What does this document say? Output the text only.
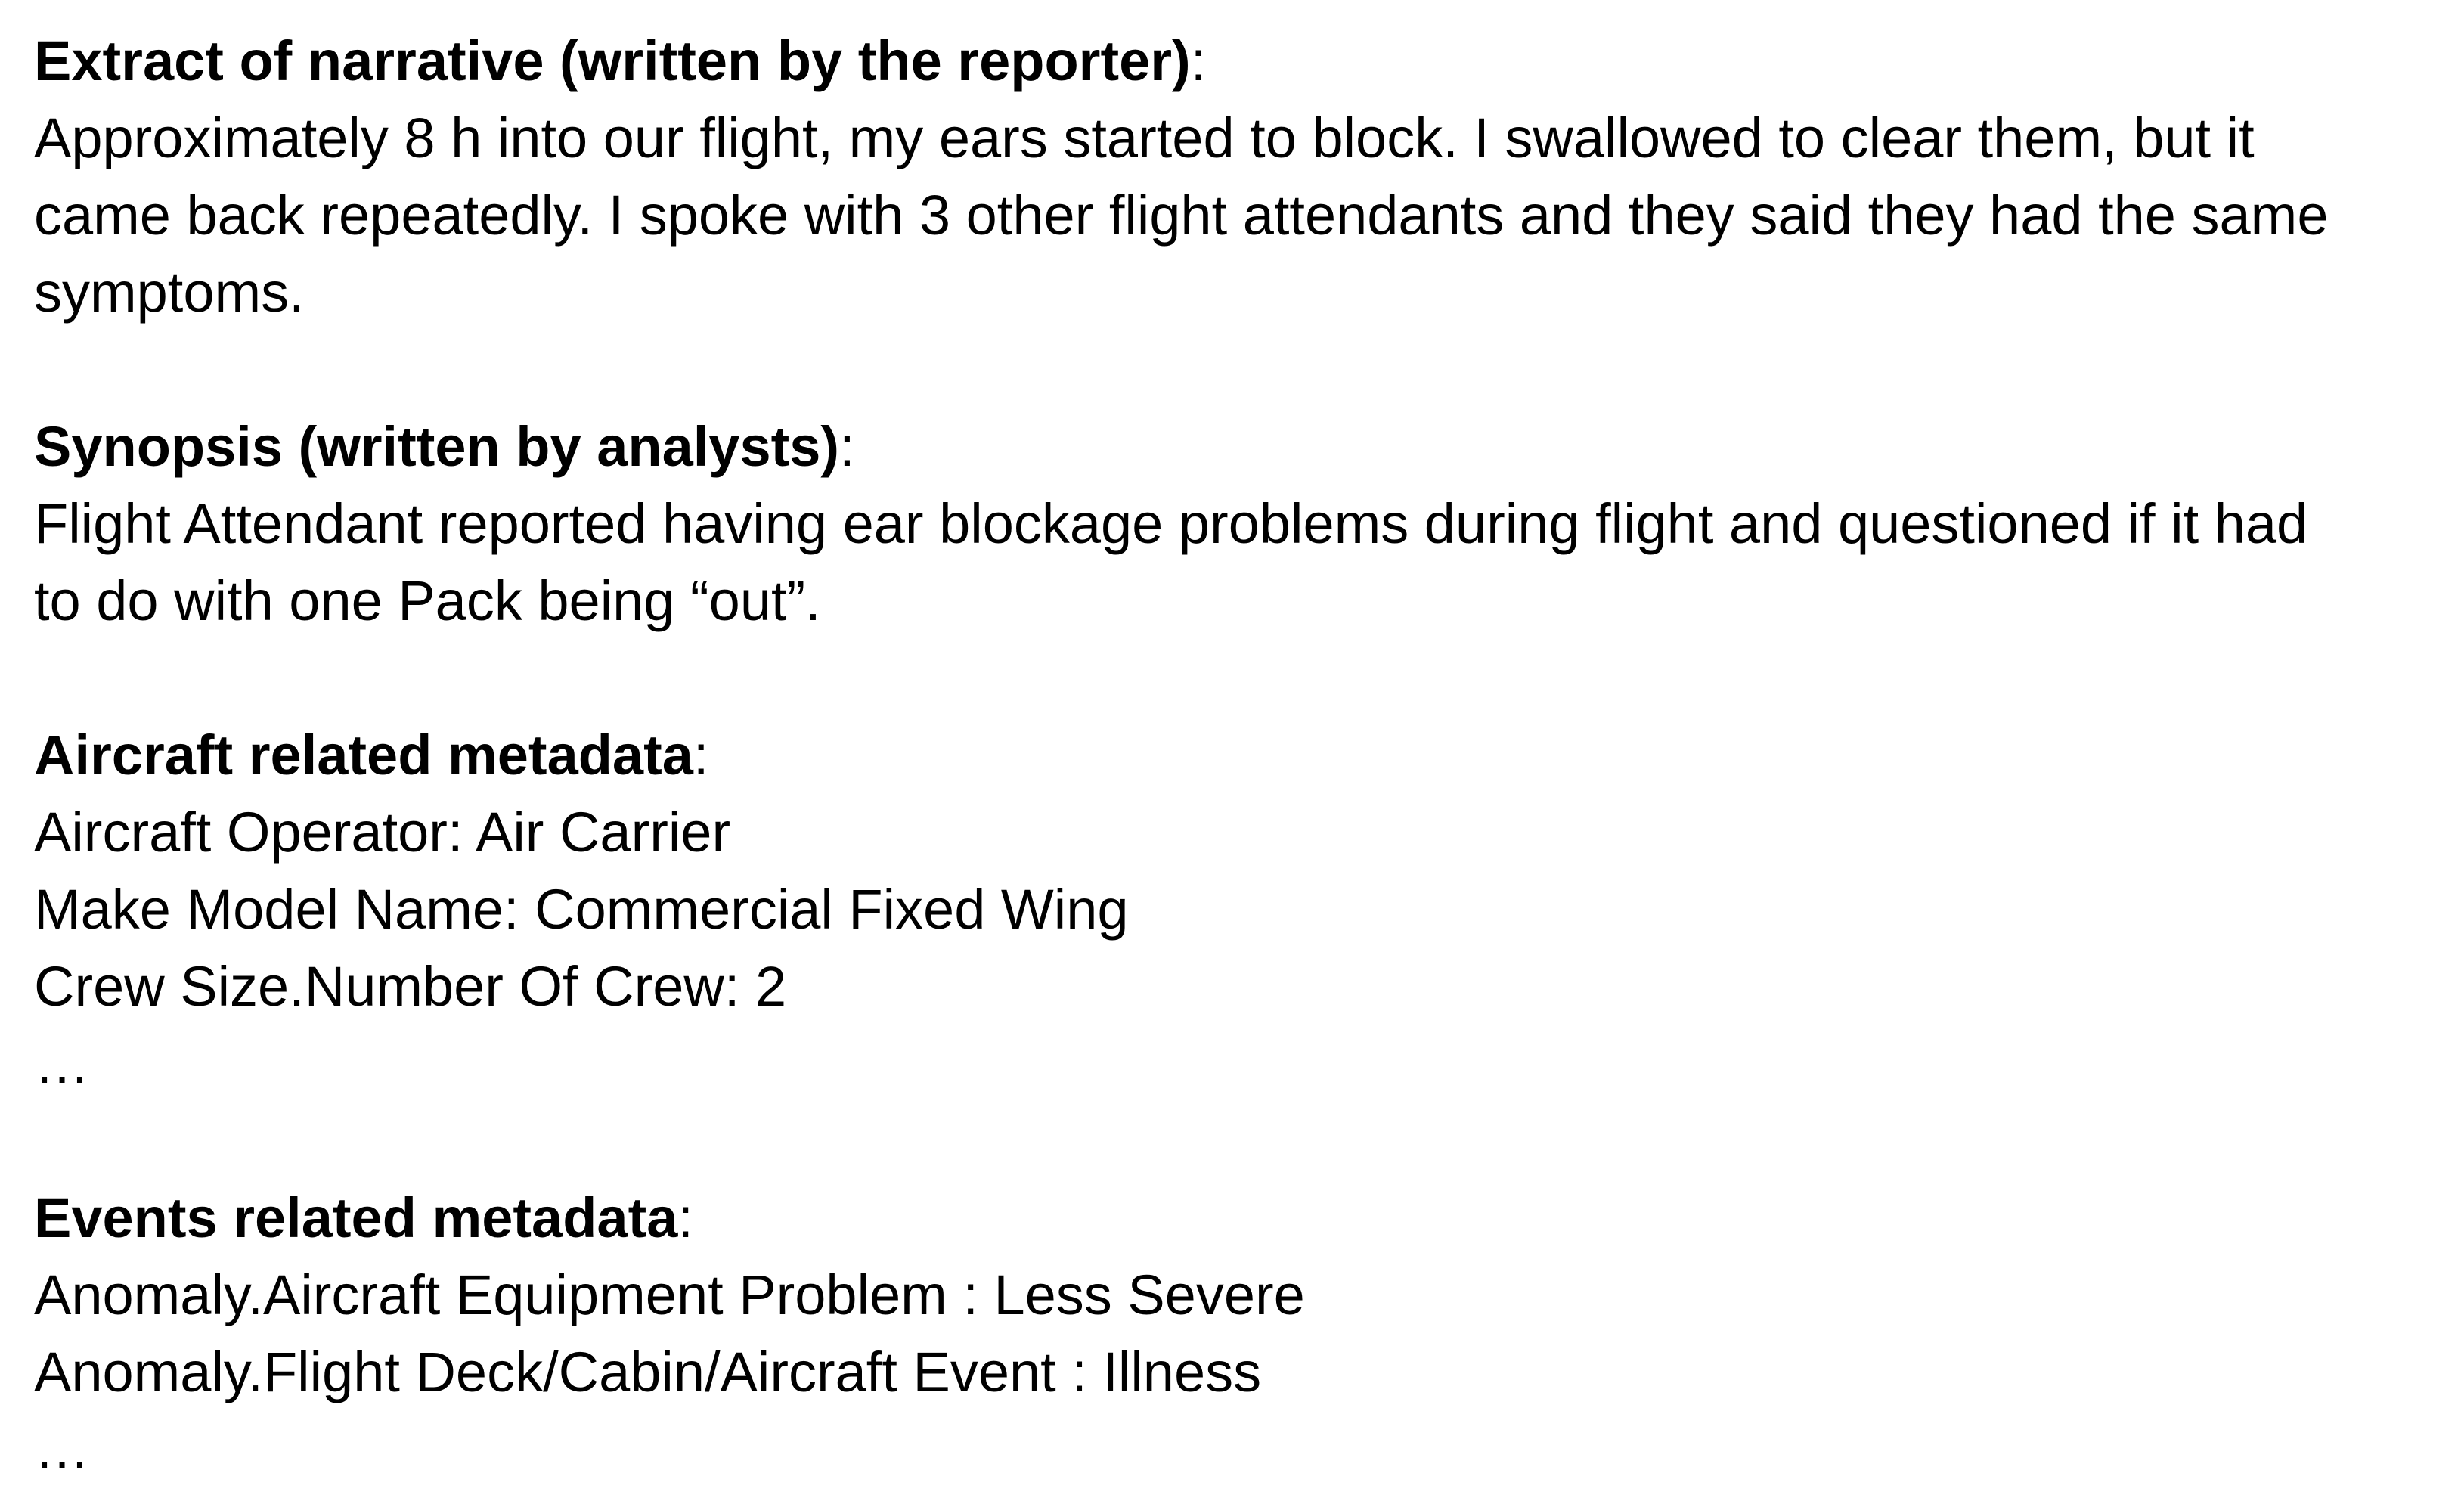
Extract of narrative (written by the reporter):

Approximately 8 h into our flight, my ears started to block. I swallowed to clear them, but it
came back repeatedly. I spoke with 3 other flight attendants and they said they had the same
symptoms.

Synopsis (written by analysts):

Flight Attendant reported having ear blockage problems during flight and questioned if it had
to do with one Pack being “out”.

Aircraft related metadata:
Aircraft Operator: Air Carrier
Make Model Name: Commercial Fixed Wing
Crew Size.Number Of Crew: 2
…
Events related metadata:
Anomaly.Aircraft Equipment Problem : Less Severe
Anomaly.Flight Deck/Cabin/Aircraft Event : Illness
…
